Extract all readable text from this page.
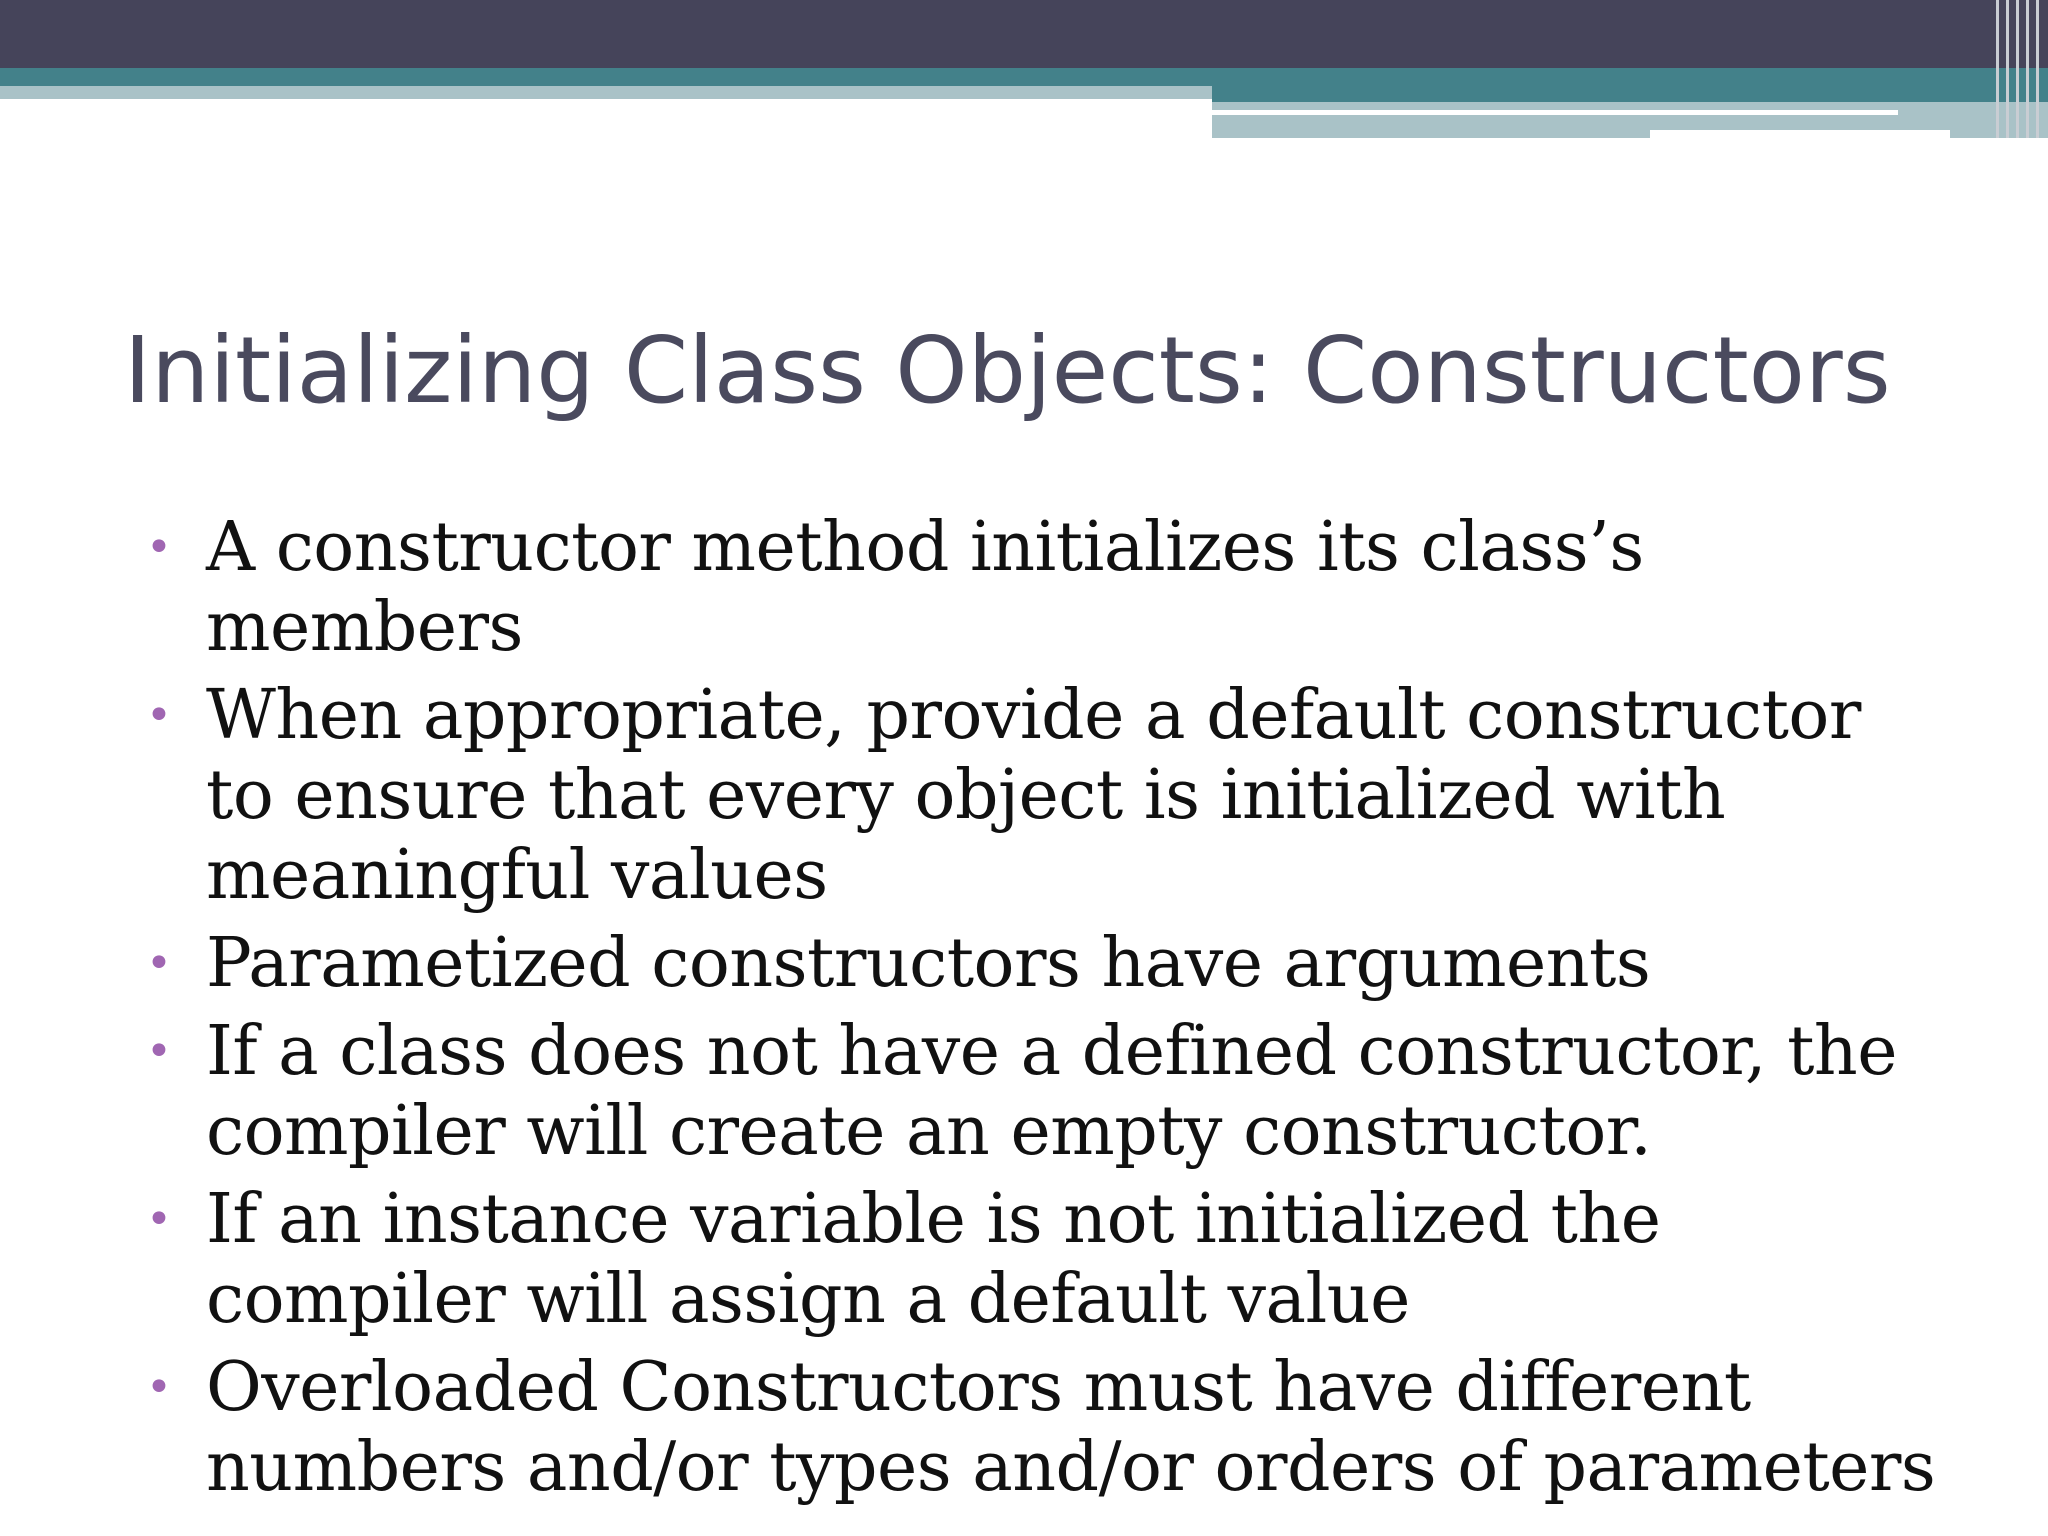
Initializing Class Objects: Constructors
• A constructor method initializes its class’s members
• When appropriate, provide a default constructor to ensure that every object is initialized with meaningful values
• Parametized constructors have arguments
• If a class does not have a defined constructor, the compiler will create an empty constructor.
• If an instance variable is not initialized the compiler will assign a default value
• Overloaded Constructors must have different numbers and/or types and/or orders of parameters
